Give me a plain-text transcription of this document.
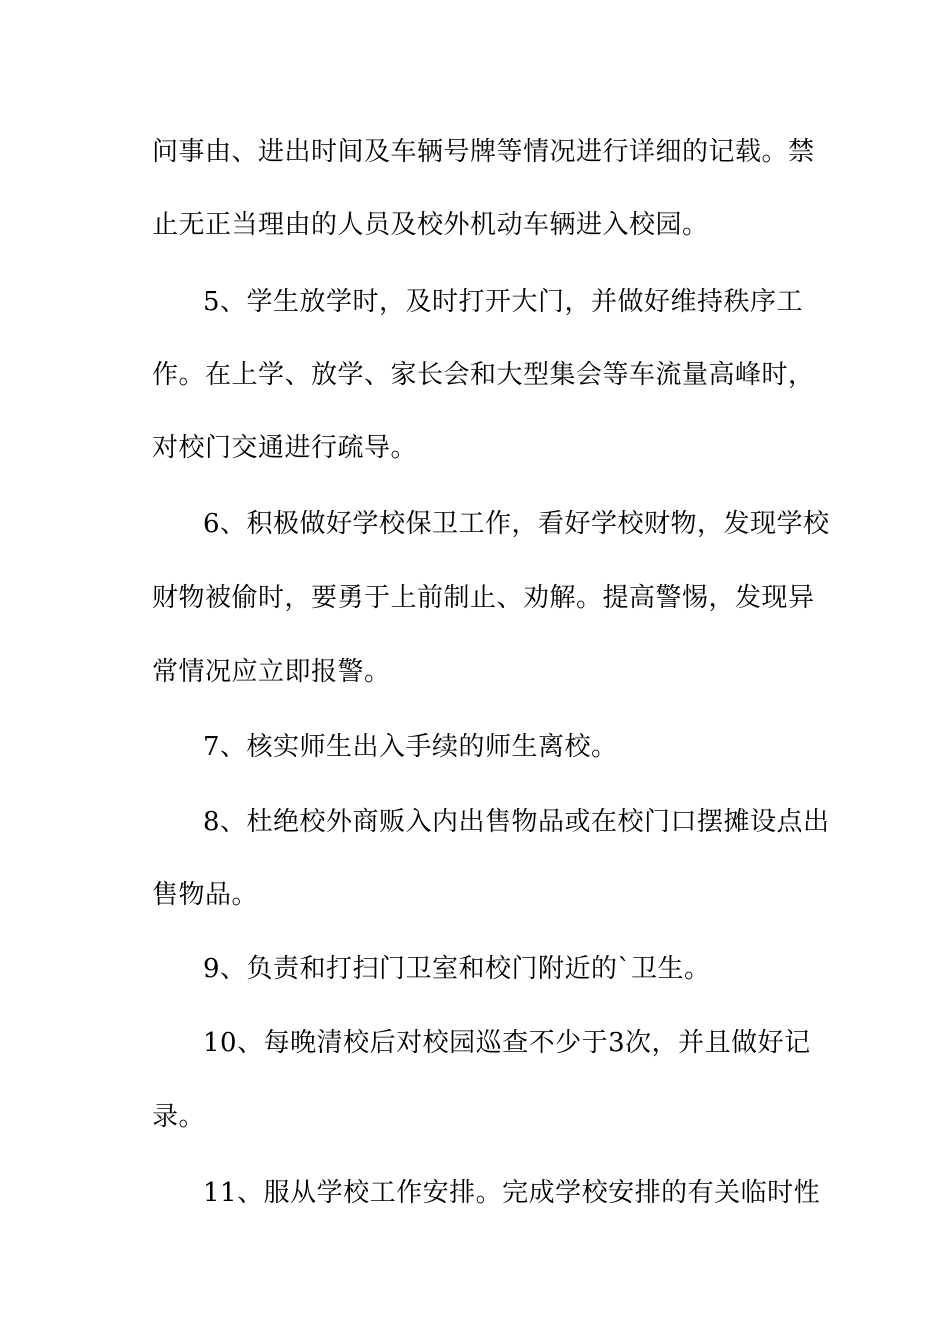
问事由、进出时间及车辆号牌等情况进行详细的记载。禁
止无正当理由的人员及校外机动车辆进入校园。
5、学生放学时，及时打开大门，并做好维持秩序工
作。在上学、放学、家长会和大型集会等车流量高峰时，
对校门交通进行疏导。
6、积极做好学校保卫工作，看好学校财物，发现学校
财物被偷时，要勇于上前制止、劝解。提高警惕，发现异
常情况应立即报警。
7、核实师生出入手续的师生离校。
8、杜绝校外商贩入内出售物品或在校门口摆摊设点出
售物品。
9、负责和打扫门卫室和校门附近的`卫生。
10、每晚清校后对校园巡查不少于3次，并且做好记
录。
11、服从学校工作安排。完成学校安排的有关临时性
